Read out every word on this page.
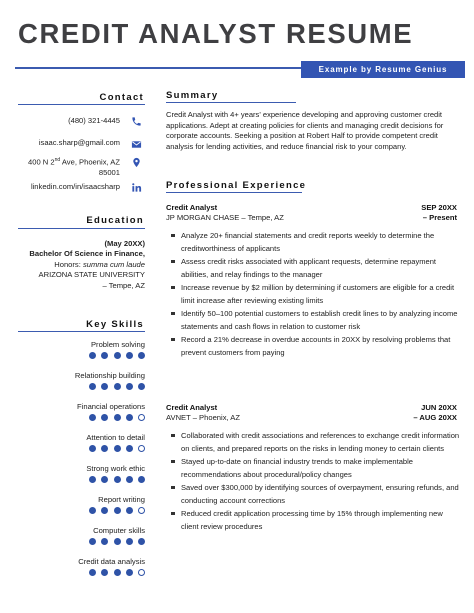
CREDIT ANALYST RESUME
Example by Resume Genius
Contact
(480) 321-4445
isaac.sharp@gmail.com
400 N 2nd Ave, Phoenix, AZ
85001
linkedin.com/in/isaacsharp
Education
(May 20XX)
Bachelor Of Science in Finance,
Honors: summa cum laude
ARIZONA STATE UNIVERSITY
– Tempe, AZ
Key Skills
Problem solving
Relationship building
Financial operations
Attention to detail
Strong work ethic
Report writing
Computer skills
Credit data analysis
Summary
Credit Analyst with 4+ years' experience developing and approving customer credit applications. Adept at creating policies for clients and managing credit decisions for corporate accounts. Seeking a position at Robert Half to provide competent credit analysis for lending activities, and reduce financial risk to your company.
Professional Experience
Credit Analyst
JP MORGAN CHASE – Tempe, AZ
SEP 20XX
– Present
Analyze 20+ financial statements and credit reports weekly to determine the creditworthiness of applicants
Assess credit risks associated with applicant requests, determine repayment abilities, and relay findings to the manager
Increase revenue by $2 million by determining if customers are eligible for a credit limit increase after reviewing existing limits
Identify 50–100 potential customers to establish credit lines to by analyzing income statements and cash flows in relation to customer risk
Record a 21% decrease in overdue accounts in 20XX by resolving problems that prevent customers from paying
Credit Analyst
AVNET – Phoenix, AZ
JUN 20XX
– AUG 20XX
Collaborated with credit associations and references to exchange credit information on clients, and prepared reports on the risks in lending money to certain clients
Stayed up-to-date on financial industry trends to make implementable recommendations about procedural/policy changes
Saved over $300,000 by identifying sources of overpayment, ensuring refunds, and conducting account corrections
Reduced credit application processing time by 15% through implementing new client review procedures
